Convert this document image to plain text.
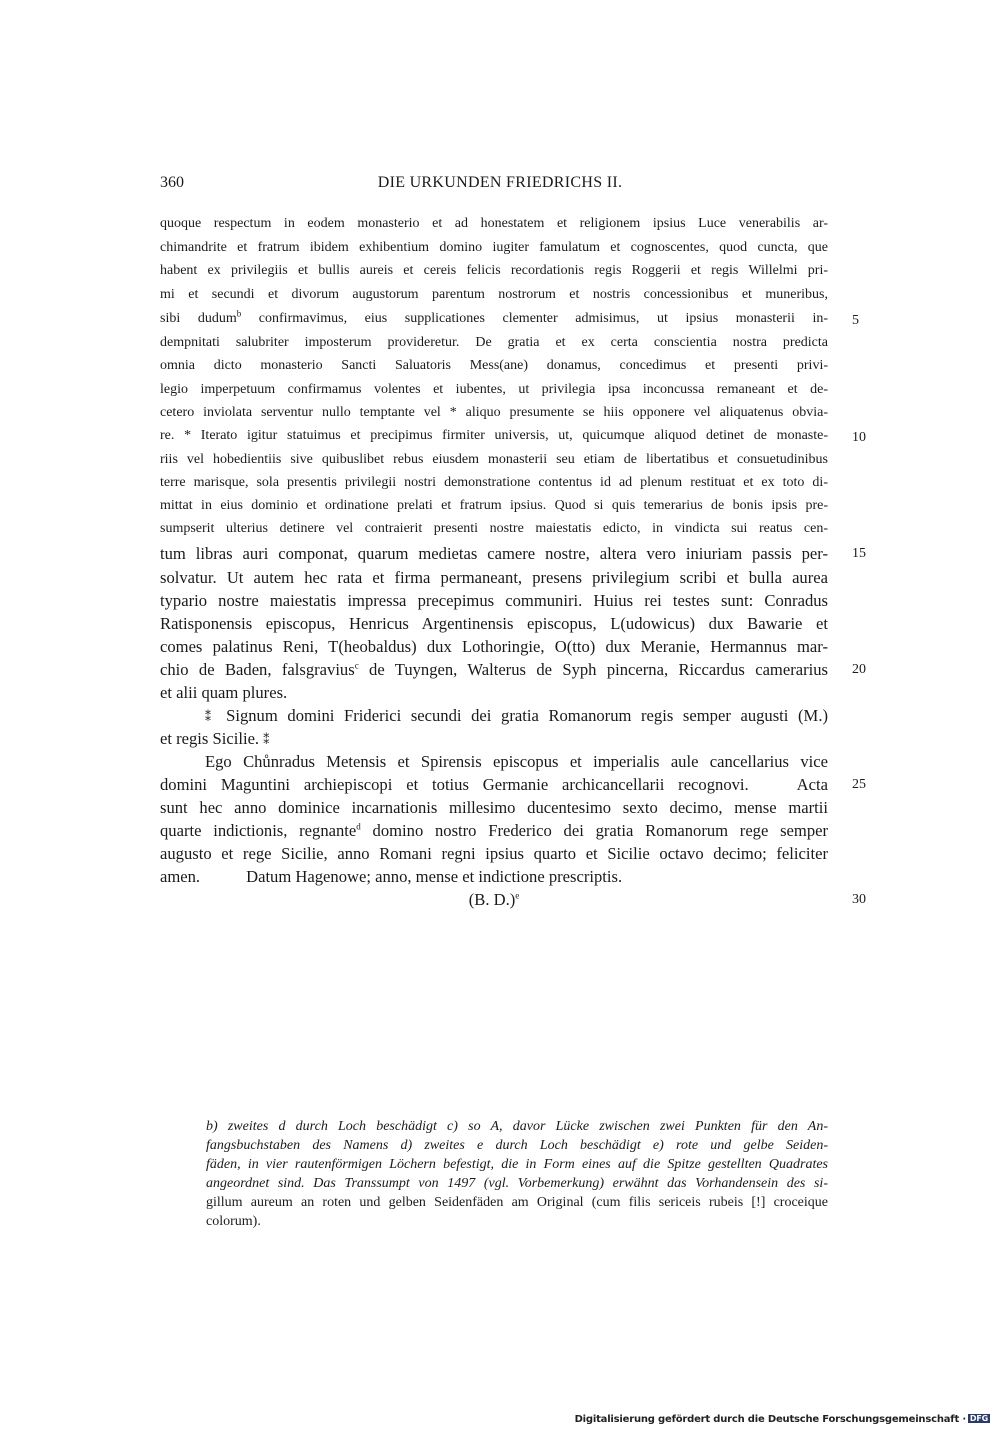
360	DIE URKUNDEN FRIEDRICHS II.
quoque respectum in eodem monasterio et ad honestatem et religionem ipsius Luce venerabilis ar-
chimandrite et fratrum ibidem exhibentium domino iugiter famulatum et cognoscentes, quod cuncta, que
habent ex privilegiis et bullis aureis et cereis felicis recordationis regis Roggerii et regis Willelmi pri-
mi et secundi et divorum augustorum parentum nostrorum et nostris concessionibus et muneribus,
sibi dudum$^b$ confirmavimus, eius supplicationes clementer admisimus, ut ipsius monasterii in-
dempnitati salubriter imposterum provideretur. De gratia et ex certa conscientia nostra predicta
omnia dicto monasterio Sancti Saluatoris Mess(ane) donamus, concedimus et presenti privi-
legio imperpetuum confirmamus volentes et iubentes, ut privilegia ipsa inconcussa remaneant et de-
cetero inviolata serventur nullo temptante vel * aliquo presumente se hiis opponere vel aliquatenus obvia-
re. * Iterato igitur statuimus et precipimus firmiter universis, ut, quicumque aliquod detinet de monaste-
riis vel hobedientiis sive quibuslibet rebus eiusdem monasterii seu etiam de libertatibus et consuetudinibus
terre marisque, sola presentis privilegii nostri demonstratione contentus id ad plenum restituat et ex toto di-
mittat in eius dominio et ordinatione prelati et fratrum ipsius. Quod si quis temerarius de bonis ipsis pre-
sumpserit ulterius detinere vel contraierit presenti nostre maiestatis edicto, in vindicta sui reatus cen-
tum libras auri componat, quarum medietas camere nostre, altera vero iniuriam passis per-
solvatur. Ut autem hec rata et firma permaneant, presens privilegium scribi et bulla aurea
typario nostre maiestatis impressa precepimus communiri. Huius rei testes sunt: Conradus
Ratisponensis episcopus, Henricus Argentinensis episcopus, L(udowicus) dux Bawarie et
comes palatinus Reni, T(heobaldus) dux Lothoringie, O(tto) dux Meranie, Hermannus mar-
chio de Baden, falsgravius$^c$ de Tuyngen, Walterus de Syph pincerna, Riccardus camerarius
et alii quam plures.
⁑ Signum domini Friderici secundi dei gratia Romanorum regis semper augusti (M.)
et regis Sicilie. ⁑
Ego Chůnradus Metensis et Spirensis episcopus et imperialis aule cancellarius vice
domini Maguntini archiepiscopi et totius Germanie archicancellarii recognovi.	Acta
sunt hec anno dominice incarnationis millesimo ducentesimo sexto decimo, mense martii
quarte indictionis, regnante$^d$ domino nostro Frederico dei gratia Romanorum rege semper
augusto et rege Sicilie, anno Romani regni ipsius quarto et Sicilie octavo decimo; feliciter
amen.	Datum Hagenowe; anno, mense et indictione prescriptis.
(B. D.)$^e$
5
10
15
20
25
30
b) zweites d durch Loch beschädigt c) so A, davor Lücke zwischen zwei Punkten für den An-
fangsbuchstaben des Namens d) zweites e durch Loch beschädigt e) rote und gelbe Seiden-
fäden, in vier rautenförmigen Löchern befestigt, die in Form eines auf die Spitze gestellten Quadrates
angeordnet sind. Das Transsumpt von 1497 (vgl. Vorbemerkung) erwähnt das Vorhandensein des si-
gillum aureum an roten und gelben Seidenfäden am Original (cum filis sericeis rubeis [!] croceique
colorum).
Digitalisierung gefördert durch die Deutsche Forschungsgemeinschaft · DFG
